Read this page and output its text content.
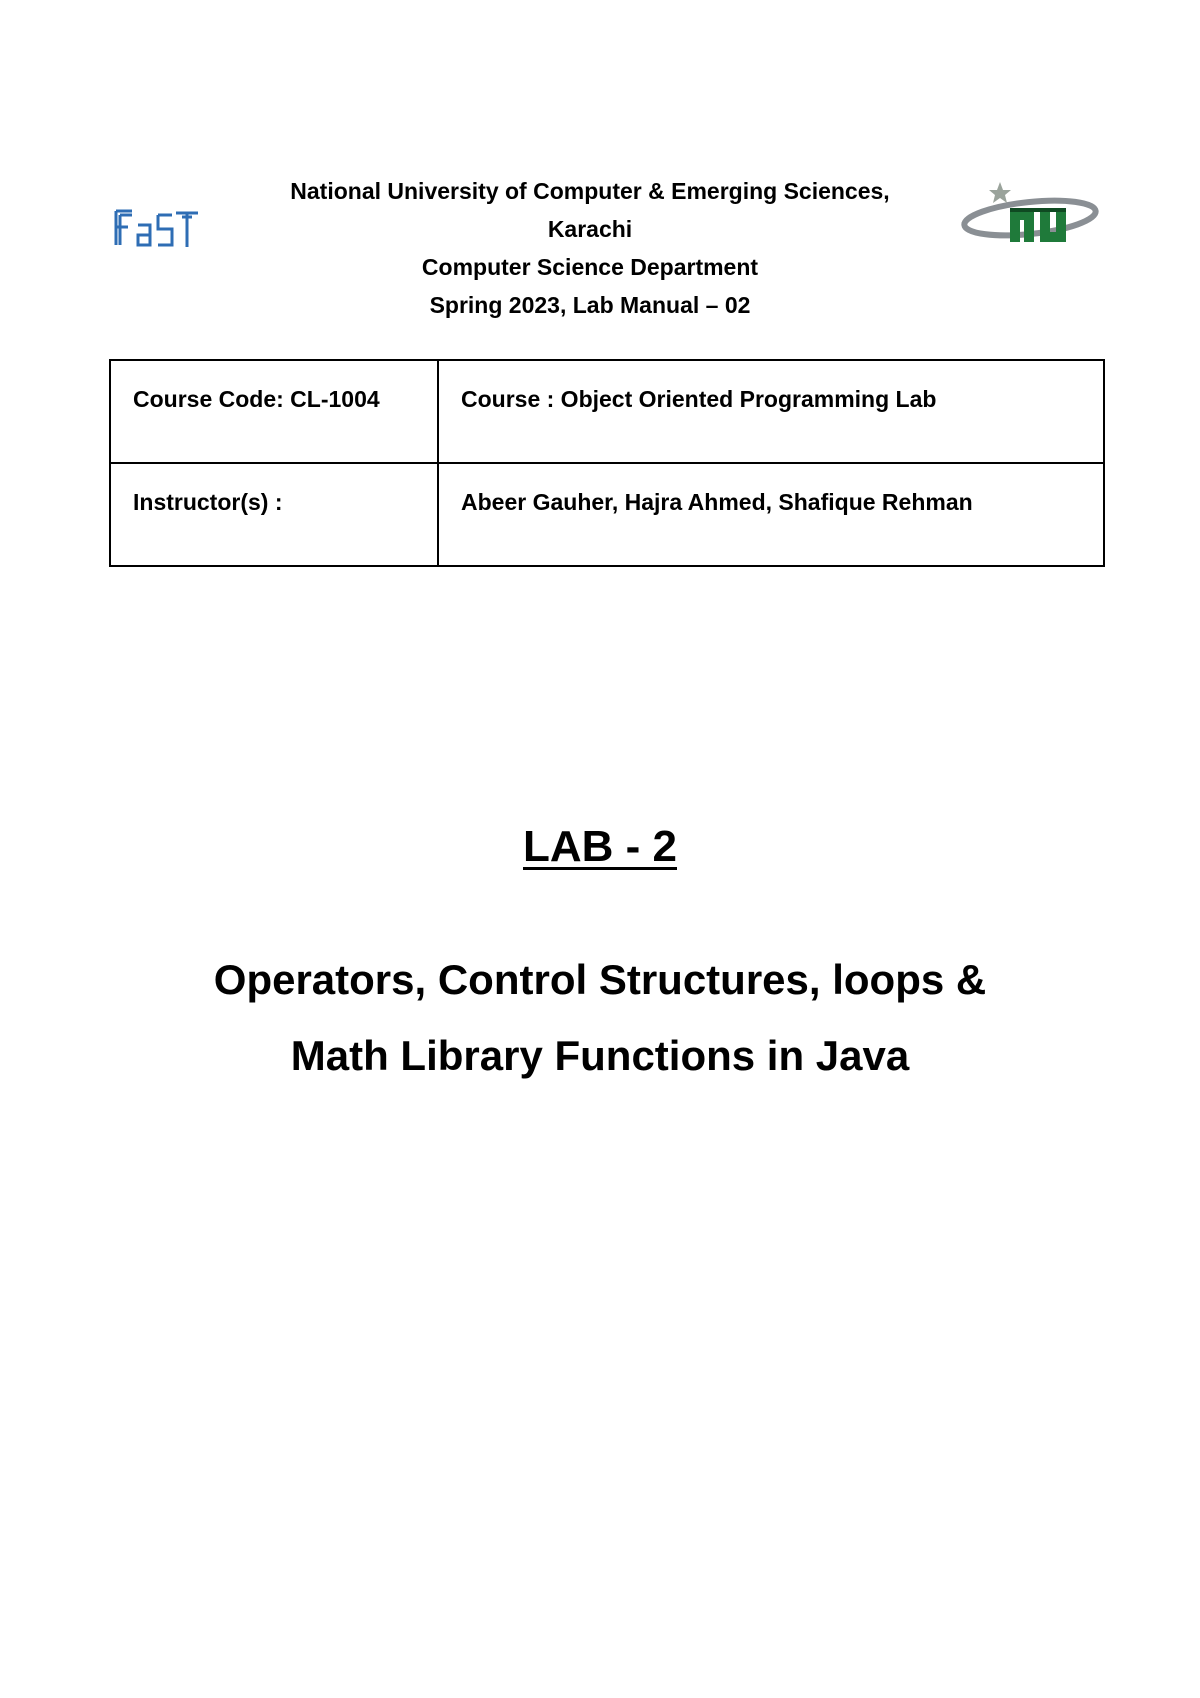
National University of Computer & Emerging Sciences,
Karachi
Computer Science Department
Spring 2023, Lab Manual – 02
Course Code: CL-1004	Course : Object Oriented Programming Lab
Instructor(s) :	Abeer Gauher, Hajra Ahmed, Shafique Rehman
LAB - 2
Operators, Control Structures, loops &
Math Library Functions in Java
